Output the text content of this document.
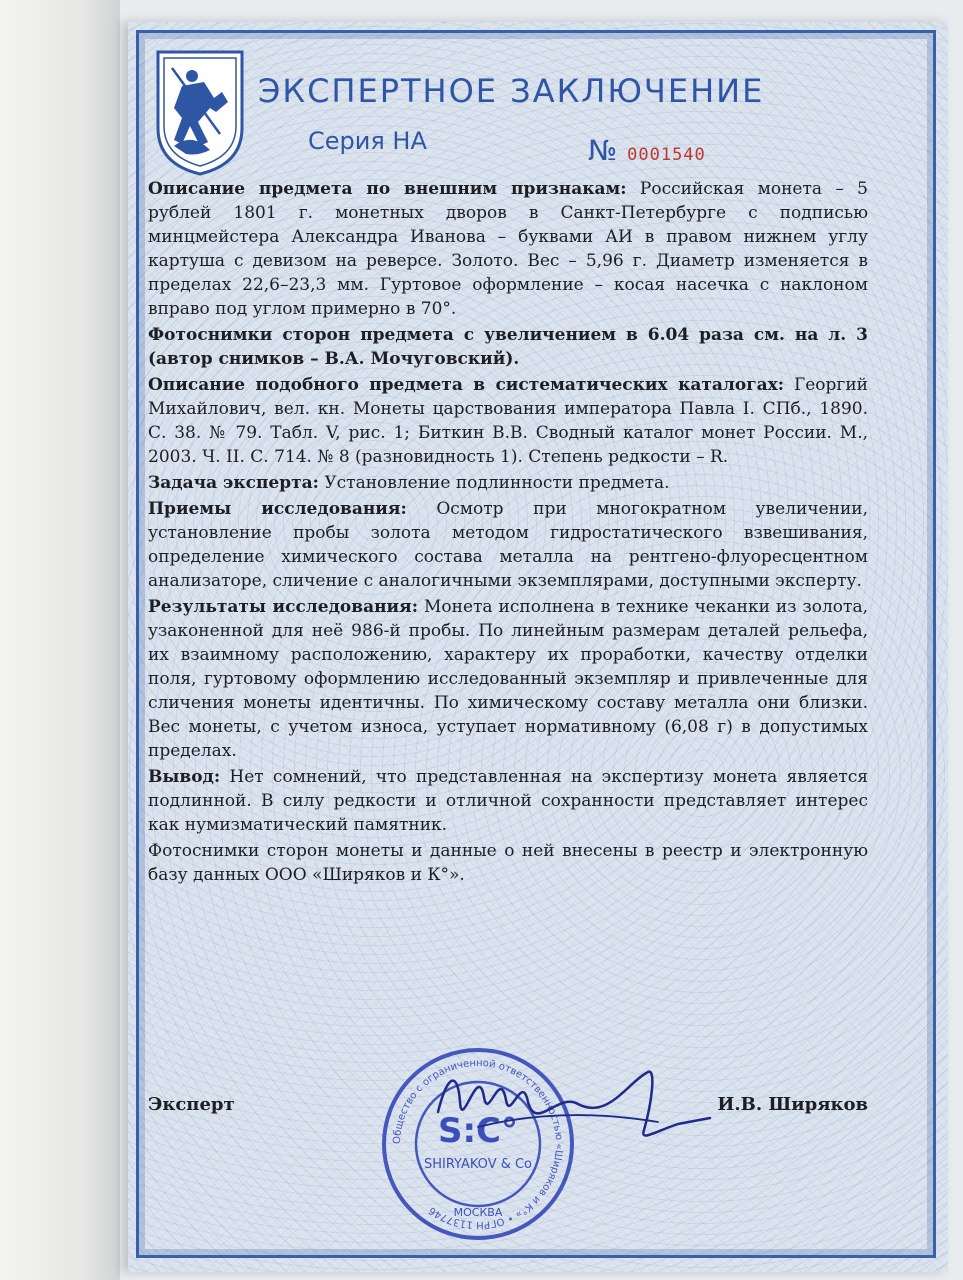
ЭКСПЕРТНОЕ ЗАКЛЮЧЕНИЕ
Серия НА	№ 0001540

Описание предмета по внешним признакам: Российская монета – 5 рублей 1801 г. монетных дворов в Санкт-Петербурге с подписью минцмейстера Александра Иванова – буквами АИ в правом нижнем углу картуша с девизом на реверсе. Золото. Вес – 5,96 г. Диаметр изменяется в пределах 22,6–23,3 мм. Гуртовое оформление – косая насечка с наклоном вправо под углом примерно в 70°.

Фотоснимки сторон предмета с увеличением в 6.04 раза см. на л. 3 (автор снимков – В.А. Мочуговский).

Описание подобного предмета в систематических каталогах: Георгий Михайлович, вел. кн. Монеты царствования императора Павла I. СПб., 1890. С. 38. № 79. Табл. V, рис. 1; Биткин В.В. Сводный каталог монет России. М., 2003. Ч. II. С. 714. № 8 (разновидность 1). Степень редкости – R.

Задача эксперта: Установление подлинности предмета.

Приемы исследования: Осмотр при многократном увеличении, установление пробы золота методом гидростатического взвешивания, определение химического состава металла на рентгено-флуоресцентном анализаторе, сличение с аналогичными экземплярами, доступными эксперту.

Результаты исследования: Монета исполнена в технике чеканки из золота, узаконенной для неё 986-й пробы. По линейным размерам деталей рельефа, их взаимному расположению, характеру их проработки, качеству отделки поля, гуртовому оформлению исследованный экземпляр и привлеченные для сличения монеты идентичны. По химическому составу металла они близки. Вес монеты, с учетом износа, уступает нормативному (6,08 г) в допустимых пределах.

Вывод: Нет сомнений, что представленная на экспертизу монета является подлинной. В силу редкости и отличной сохранности представляет интерес как нумизматический памятник.

Фотоснимки сторон монеты и данные о ней внесены в реестр и электронную базу данных ООО «Ширяков и К°».

Эксперт	И.В. Ширяков
Общество с ограниченной ответственностью «Ширяков и К°» • ОГРН 1137746
S:C°
SHIRYAKOV & Co
МОСКВА
